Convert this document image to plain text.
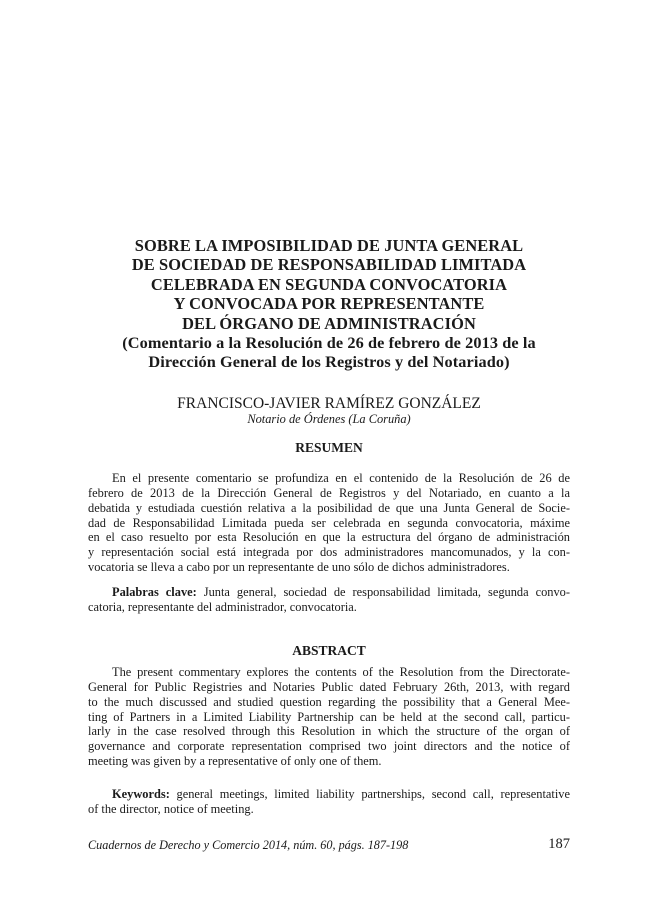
SOBRE LA IMPOSIBILIDAD DE JUNTA GENERAL
DE SOCIEDAD DE RESPONSABILIDAD LIMITADA
CELEBRADA EN SEGUNDA CONVOCATORIA
Y CONVOCADA POR REPRESENTANTE
DEL ÓRGANO DE ADMINISTRACIÓN
(Comentario a la Resolución de 26 de febrero de 2013 de la
Dirección General de los Registros y del Notariado)

FRANCISCO-JAVIER RAMÍREZ GONZÁLEZ

Notario de Órdenes (La Coruña)

RESUMEN

En el presente comentario se profundiza en el contenido de la Resolución de 26 de
febrero de 2013 de la Dirección General de Registros y del Notariado, en cuanto a la
debatida y estudiada cuestión relativa a la posibilidad de que una Junta General de Socie-
dad de Responsabilidad Limitada pueda ser celebrada en segunda convocatoria, máxime
en el caso resuelto por esta Resolución en que la estructura del órgano de administración
y representación social está integrada por dos administradores mancomunados, y la con-
vocatoria se lleva a cabo por un representante de uno sólo de dichos administradores.

Palabras clave: Junta general, sociedad de responsabilidad limitada, segunda convo-
catoria, representante del administrador, convocatoria.

ABSTRACT

The present commentary explores the contents of the Resolution from the Directorate-
General for Public Registries and Notaries Public dated February 26th, 2013, with regard
to the much discussed and studied question regarding the possibility that a General Mee-
ting of Partners in a Limited Liability Partnership can be held at the second call, particu-
larly in the case resolved through this Resolution in which the structure of the organ of
governance and corporate representation comprised two joint directors and the notice of
meeting was given by a representative of only one of them.

Keywords: general meetings, limited liability partnerships, second call, representative
of the director, notice of meeting.

Cuadernos de Derecho y Comercio 2014, núm. 60, págs. 187-198	187
